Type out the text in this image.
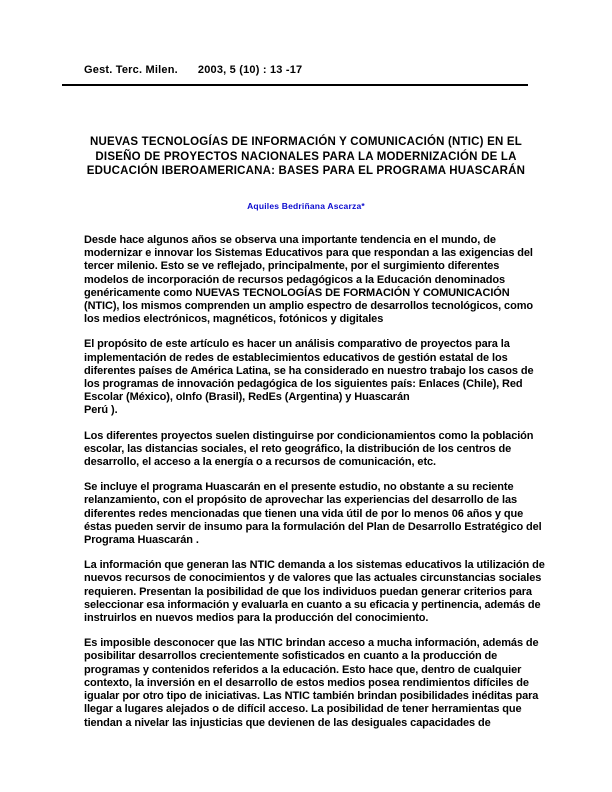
Gest. Terc. Milen. 2003, 5 (10) : 13 -17
NUEVAS TECNOLOGÍAS DE INFORMACIÓN Y COMUNICACIÓN (NTIC) EN EL
DISEÑO DE PROYECTOS NACIONALES PARA LA MODERNIZACIÓN DE LA
EDUCACIÓN IBEROAMERICANA: BASES PARA EL PROGRAMA HUASCARÁN
Aquiles Bedriñana Ascarza*

Desde hace algunos años se observa una importante tendencia en el mundo, de modernizar e innovar los Sistemas Educativos para que respondan a las exigencias del tercer milenio. Esto se ve reflejado, principalmente, por el surgimiento diferentes modelos de incorporación de recursos pedagógicos a la Educación denominados genéricamente como NUEVAS TECNOLOGÍAS DE FORMACIÓN Y COMUNICACIÓN (NTIC), los mismos comprenden un amplio espectro de desarrollos tecnológicos, como los medios electrónicos, magnéticos, fotónicos y digitales

El propósito de este artículo es hacer un análisis comparativo de proyectos para la implementación de redes de establecimientos educativos de gestión estatal de los diferentes países de América Latina, se ha considerado en nuestro trabajo los casos de los programas de innovación pedagógica de los siguientes país: Enlaces (Chile), Red Escolar (México), oInfo (Brasil), RedEs (Argentina) y Huascarán
Perú ).

Los diferentes proyectos suelen distinguirse por condicionamientos como la población escolar, las distancias sociales, el reto geográfico, la distribución de los centros de desarrollo, el acceso a la energía o a recursos de comunicación, etc.

Se incluye el programa Huascarán en el presente estudio, no obstante a su reciente relanzamiento, con el propósito de aprovechar las experiencias del desarrollo de las diferentes redes mencionadas que tienen una vida útil de por lo menos 06 años y que éstas pueden servir de insumo para la formulación del Plan de Desarrollo Estratégico del Programa Huascarán .

La información que generan las NTIC demanda a los sistemas educativos la utilización de nuevos recursos de conocimientos y de valores que las actuales circunstancias sociales requieren. Presentan la posibilidad de que los individuos puedan generar criterios para seleccionar esa información y evaluarla en cuanto a su eficacia y pertinencia, además de instruirlos en nuevos medios para la producción del conocimiento.

Es imposible desconocer que las NTIC brindan acceso a mucha información, además de posibilitar desarrollos crecientemente sofisticados en cuanto a la producción de programas y contenidos referidos a la educación. Esto hace que, dentro de cualquier contexto, la inversión en el desarrollo de estos medios posea rendimientos difíciles de igualar por otro tipo de iniciativas. Las NTIC también brindan posibilidades inéditas para llegar a lugares alejados o de difícil acceso. La posibilidad de tener herramientas que tiendan a nivelar las injusticias que devienen de las desiguales capacidades de
